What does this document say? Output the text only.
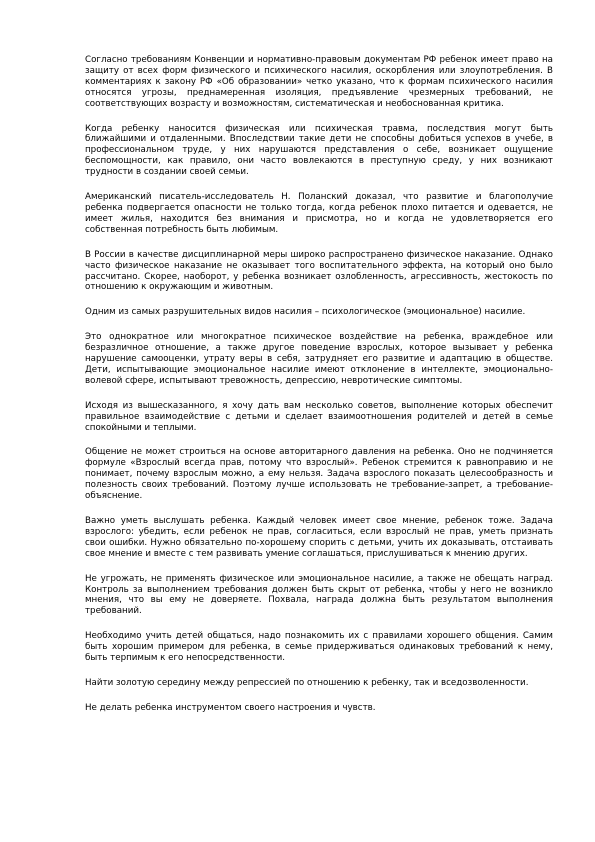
Согласно требованиям Конвенции и нормативно-правовым документам РФ ребенок имеет право на защиту от всех форм физического и психического насилия, оскорбления или злоупотребления. В комментариях к закону РФ «Об образовании» четко указано, что к формам психического насилия относятся угрозы, преднамеренная изоляция, предъявление чрезмерных требований, не соответствующих возрасту и возможностям, систематическая и необоснованная критика.

Когда ребенку наносится физическая или психическая травма, последствия могут быть ближайшими и отдаленными. Впоследствии такие дети не способны добиться успехов в учебе, в профессиональном труде, у них нарушаются представления о себе, возникает ощущение беспомощности, как правило, они часто вовлекаются в преступную среду, у них возникают трудности в создании своей семьи.

Американский писатель-исследователь Н. Поланский доказал, что развитие и благополучие ребенка подвергается опасности не только тогда, когда ребенок плохо питается и одевается, не имеет жилья, находится без внимания и присмотра, но и когда не удовлетворяется его собственная потребность быть любимым.

В России в качестве дисциплинарной меры широко распространено физическое наказание. Однако часто физическое наказание не оказывает того воспитательного эффекта, на который оно было рассчитано. Скорее, наоборот, у ребенка возникает озлобленность, агрессивность, жестокость по отношению к окружающим и животным.

Одним из самых разрушительных видов насилия – психологическое (эмоциональное) насилие.

Это однократное или многократное психическое воздействие на ребенка, враждебное или безразличное отношение, а также другое поведение взрослых, которое вызывает у ребенка нарушение самооценки, утрату веры в себя, затрудняет его развитие и адаптацию в обществе. Дети, испытывающие эмоциональное насилие имеют отклонение в интеллекте, эмоционально-волевой сфере, испытывают тревожность, депрессию, невротические симптомы.

Исходя из вышесказанного, я хочу дать вам несколько советов, выполнение которых обеспечит правильное взаимодействие с детьми и сделает взаимоотношения родителей и детей в семье спокойными и теплыми.

Общение не может строиться на основе авторитарного давления на ребенка. Оно не подчиняется формуле «Взрослый всегда прав, потому что взрослый». Ребенок стремится к равноправию и не понимает, почему взрослым можно, а ему нельзя. Задача взрослого показать целесообразность и полезность своих требований. Поэтому лучше использовать не требование-запрет, а требование-объяснение.

Важно уметь выслушать ребенка. Каждый человек имеет свое мнение, ребенок тоже. Задача взрослого: убедить, если ребенок не прав, согласиться, если взрослый не прав, уметь признать свои ошибки. Нужно обязательно по-хорошему спорить с детьми, учить их доказывать, отстаивать свое мнение и вместе с тем развивать умение соглашаться, прислушиваться к мнению других.

Не угрожать, не применять физическое или эмоциональное насилие, а также не обещать наград. Контроль за выполнением требования должен быть скрыт от ребенка, чтобы у него не возникло мнения, что вы ему не доверяете. Похвала, награда должна быть результатом выполнения требований.

Необходимо учить детей общаться, надо познакомить их с правилами хорошего общения. Самим быть хорошим примером для ребенка, в семье придерживаться одинаковых требований к нему, быть терпимым к его непосредственности.

Найти золотую середину между репрессией по отношению к ребенку, так и вседозволенности.

Не делать ребенка инструментом своего настроения и чувств.
